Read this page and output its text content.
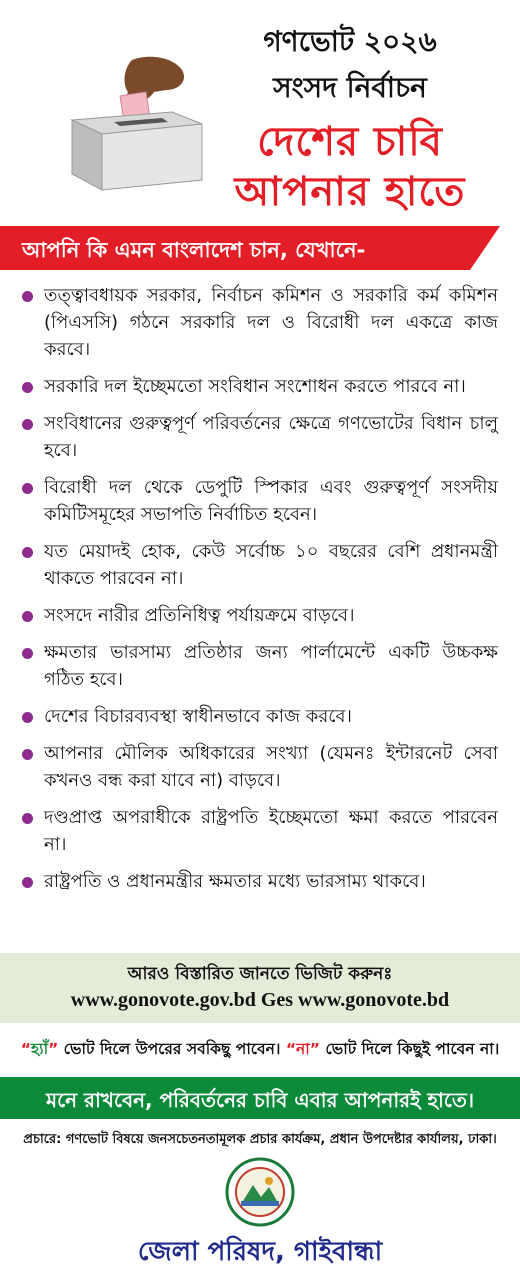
গণভোট ২০২৬
সংসদ নির্বাচন
দেশের চাবি
আপনার হাতে
আপনি কি এমন বাংলাদেশ চান, যেখানে-
তত্ত্বাবধায়ক সরকার, নির্বাচন কমিশন ও সরকারি কর্ম কমিশন (পিএসসি) গঠনে সরকারি দল ও বিরোধী দল একত্রে কাজ করবে।
সরকারি দল ইচ্ছেমতো সংবিধান সংশোধন করতে পারবে না।
সংবিধানের গুরুত্বপূর্ণ পরিবর্তনের ক্ষেত্রে গণভোটের বিধান চালু হবে।
বিরোধী দল থেকে ডেপুটি স্পিকার এবং গুরুত্বপূর্ণ সংসদীয় কমিটিসমূহের সভাপতি নির্বাচিত হবেন।
যত মেয়াদই হোক, কেউ সর্বোচ্চ ১০ বছরের বেশি প্রধানমন্ত্রী থাকতে পারবেন না।
সংসদে নারীর প্রতিনিধিত্ব পর্যায়ক্রমে বাড়বে।
ক্ষমতার ভারসাম্য প্রতিষ্ঠার জন্য পার্লামেন্টে একটি উচ্চকক্ষ গঠিত হবে।
দেশের বিচারব্যবস্থা স্বাধীনভাবে কাজ করবে।
আপনার মৌলিক অধিকারের সংখ্যা (যেমনঃ ইন্টারনেট সেবা কখনও বন্ধ করা যাবে না) বাড়বে।
দণ্ডপ্রাপ্ত অপরাধীকে রাষ্ট্রপতি ইচ্ছেমতো ক্ষমা করতে পারবেন না।
রাষ্ট্রপতি ও প্রধানমন্ত্রীর ক্ষমতার মধ্যে ভারসাম্য থাকবে।
আরও বিস্তারিত জানতে ভিজিট করুনঃ
www.gonovote.gov.bd Ges www.gonovote.bd
“হ্যাঁ” ভোট দিলে উপরের সবকিছু পাবেন। “না” ভোট দিলে কিছুই পাবেন না।
মনে রাখবেন, পরিবর্তনের চাবি এবার আপনারই হাতে।
প্রচারে: গণভোট বিষয়ে জনসচেতনতামূলক প্রচার কার্যক্রম, প্রধান উপদেষ্টার কার্যালয়, ঢাকা।
জেলা পরিষদ, গাইবান্ধা
